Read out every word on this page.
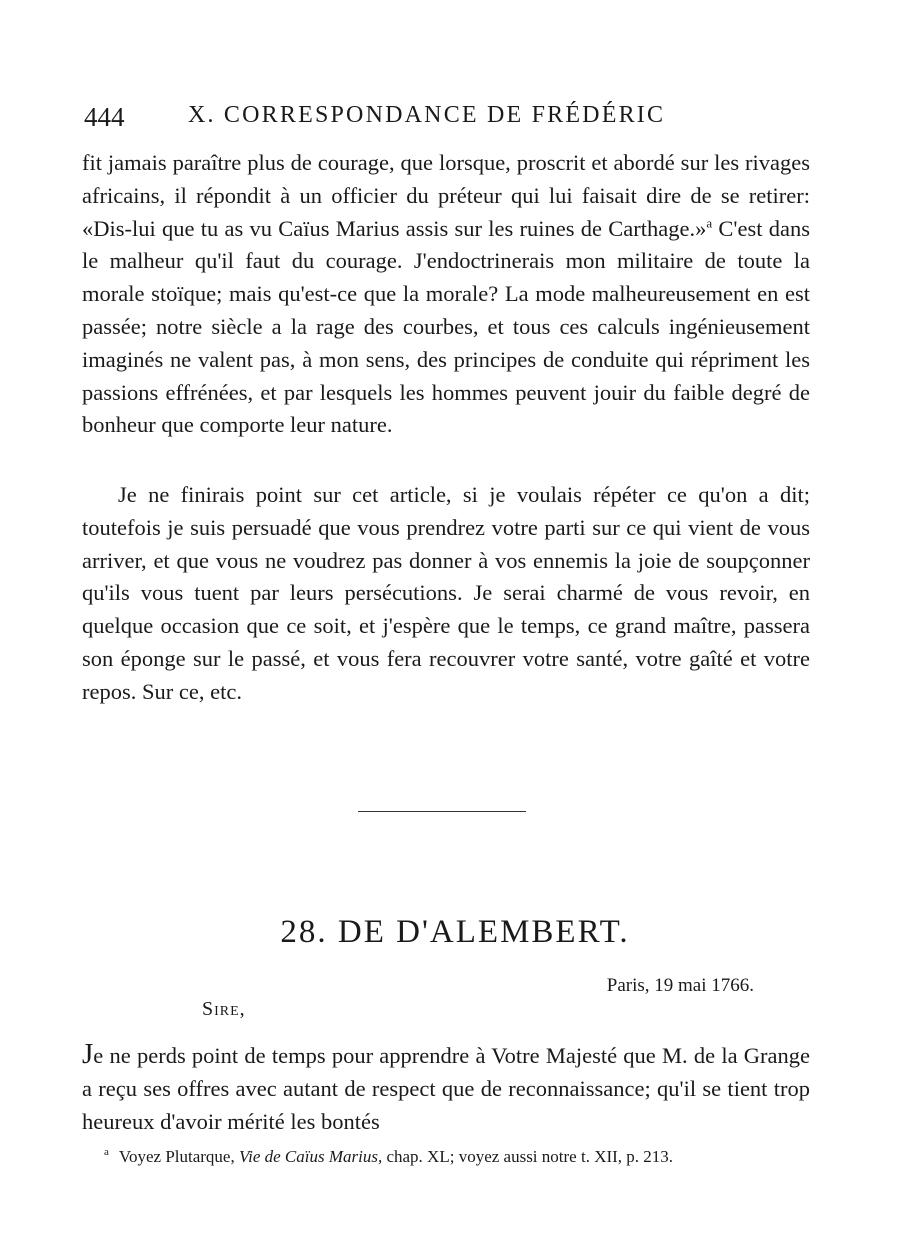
444	X. CORRESPONDANCE DE FRÉDÉRIC

fit jamais paraître plus de courage, que lorsque, proscrit et abordé sur les rivages africains, il répondit à un officier du préteur qui lui faisait dire de se retirer: «Dis-lui que tu as vu Caïus Marius assis sur les ruines de Carthage.»$^a$ C'est dans le malheur qu'il faut du courage. J'endoctrinerais mon militaire de toute la morale stoïque; mais qu'est-ce que la morale? La mode malheureusement en est passée; notre siècle a la rage des courbes, et tous ces calculs ingénieusement imaginés ne valent pas, à mon sens, des principes de conduite qui répriment les passions effrénées, et par lesquels les hommes peuvent jouir du faible degré de bonheur que comporte leur nature.

Je ne finirais point sur cet article, si je voulais répéter ce qu'on a dit; toutefois je suis persuadé que vous prendrez votre parti sur ce qui vient de vous arriver, et que vous ne voudrez pas donner à vos ennemis la joie de soupçonner qu'ils vous tuent par leurs persécutions. Je serai charmé de vous revoir, en quelque occasion que ce soit, et j'espère que le temps, ce grand maître, passera son éponge sur le passé, et vous fera recouvrer votre santé, votre gaîté et votre repos. Sur ce, etc.

28. DE D'ALEMBERT.
Paris, 19 mai 1766.
Sire,

Je ne perds point de temps pour apprendre à Votre Majesté que M. de la Grange a reçu ses offres avec autant de respect que de reconnaissance; qu'il se tient trop heureux d'avoir mérité les bontés

$^a$ Voyez Plutarque, Vie de Caïus Marius, chap. XL; voyez aussi notre t. XII, p. 213.
